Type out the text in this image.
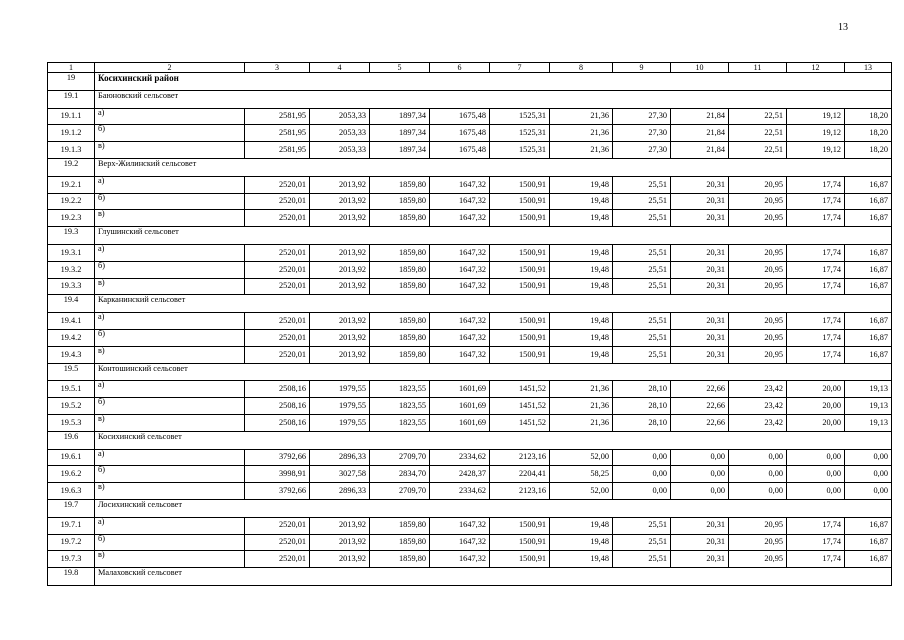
13
1	2	3	4	5	6	7	8	9	10	11	12	13
19	Косихинский район											
19.1	Баюновский сельсовет											
19.1.1	а)	2581,95	2053,33	1897,34	1675,48	1525,31	21,36	27,30	21,84	22,51	19,12	18,20
19.1.2	б)	2581,95	2053,33	1897,34	1675,48	1525,31	21,36	27,30	21,84	22,51	19,12	18,20
19.1.3	в)	2581,95	2053,33	1897,34	1675,48	1525,31	21,36	27,30	21,84	22,51	19,12	18,20
19.2	Верх-Жилинский сельсовет											
19.2.1	а)	2520,01	2013,92	1859,80	1647,32	1500,91	19,48	25,51	20,31	20,95	17,74	16,87
19.2.2	б)	2520,01	2013,92	1859,80	1647,32	1500,91	19,48	25,51	20,31	20,95	17,74	16,87
19.2.3	в)	2520,01	2013,92	1859,80	1647,32	1500,91	19,48	25,51	20,31	20,95	17,74	16,87
19.3	Глушинский сельсовет											
19.3.1	а)	2520,01	2013,92	1859,80	1647,32	1500,91	19,48	25,51	20,31	20,95	17,74	16,87
19.3.2	б)	2520,01	2013,92	1859,80	1647,32	1500,91	19,48	25,51	20,31	20,95	17,74	16,87
19.3.3	в)	2520,01	2013,92	1859,80	1647,32	1500,91	19,48	25,51	20,31	20,95	17,74	16,87
19.4	Карканинский сельсовет											
19.4.1	а)	2520,01	2013,92	1859,80	1647,32	1500,91	19,48	25,51	20,31	20,95	17,74	16,87
19.4.2	б)	2520,01	2013,92	1859,80	1647,32	1500,91	19,48	25,51	20,31	20,95	17,74	16,87
19.4.3	в)	2520,01	2013,92	1859,80	1647,32	1500,91	19,48	25,51	20,31	20,95	17,74	16,87
19.5	Контошинский сельсовет											
19.5.1	а)	2508,16	1979,55	1823,55	1601,69	1451,52	21,36	28,10	22,66	23,42	20,00	19,13
19.5.2	б)	2508,16	1979,55	1823,55	1601,69	1451,52	21,36	28,10	22,66	23,42	20,00	19,13
19.5.3	в)	2508,16	1979,55	1823,55	1601,69	1451,52	21,36	28,10	22,66	23,42	20,00	19,13
19.6	Косихинский сельсовет											
19.6.1	а)	3792,66	2896,33	2709,70	2334,62	2123,16	52,00	0,00	0,00	0,00	0,00	0,00
19.6.2	б)	3998,91	3027,58	2834,70	2428,37	2204,41	58,25	0,00	0,00	0,00	0,00	0,00
19.6.3	в)	3792,66	2896,33	2709,70	2334,62	2123,16	52,00	0,00	0,00	0,00	0,00	0,00
19.7	Лосихинский сельсовет											
19.7.1	а)	2520,01	2013,92	1859,80	1647,32	1500,91	19,48	25,51	20,31	20,95	17,74	16,87
19.7.2	б)	2520,01	2013,92	1859,80	1647,32	1500,91	19,48	25,51	20,31	20,95	17,74	16,87
19.7.3	в)	2520,01	2013,92	1859,80	1647,32	1500,91	19,48	25,51	20,31	20,95	17,74	16,87
19.8	Малаховский сельсовет											
